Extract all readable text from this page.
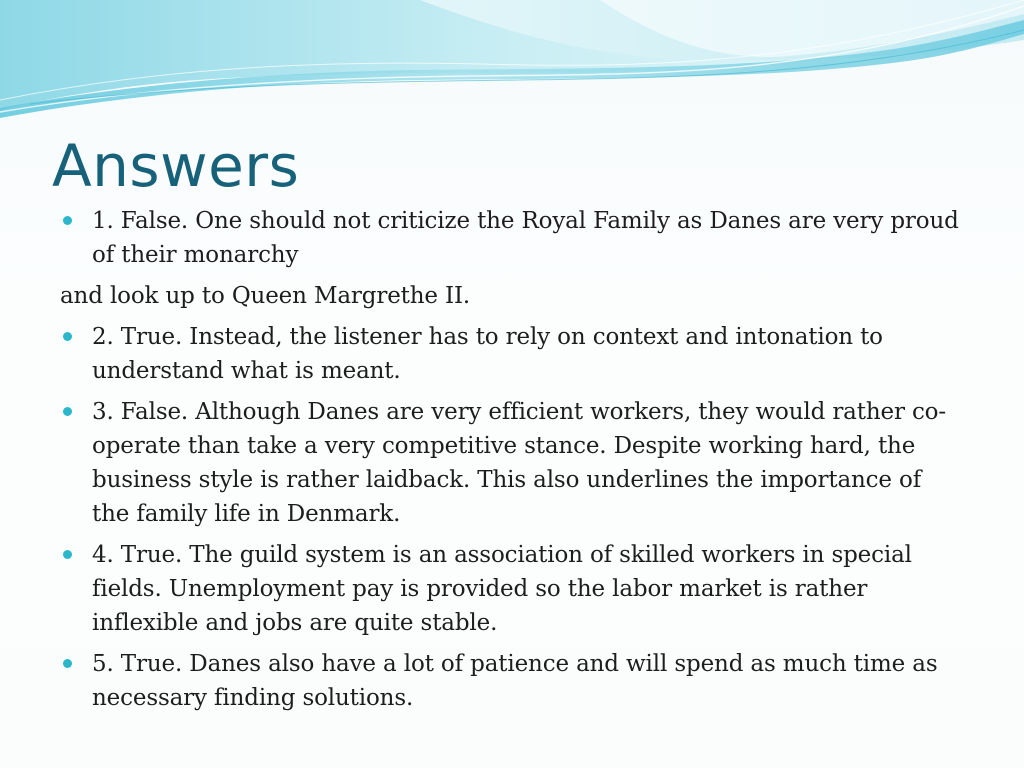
Answers
1. False. One should not criticize the Royal Family as Danes are very proud of their monarchy
and look up to Queen Margrethe II.
2. True. Instead, the listener has to rely on context and intonation to understand what is meant.
3. False. Although Danes are very efficient workers, they would rather co-operate than take a very competitive stance. Despite working hard, the business style is rather laidback. This also underlines the importance of the family life in Denmark.
4. True. The guild system is an association of skilled workers in special fields. Unemployment pay is provided so the labor market is rather inflexible and jobs are quite stable.
5. True. Danes also have a lot of patience and will spend as much time as necessary finding solutions.
